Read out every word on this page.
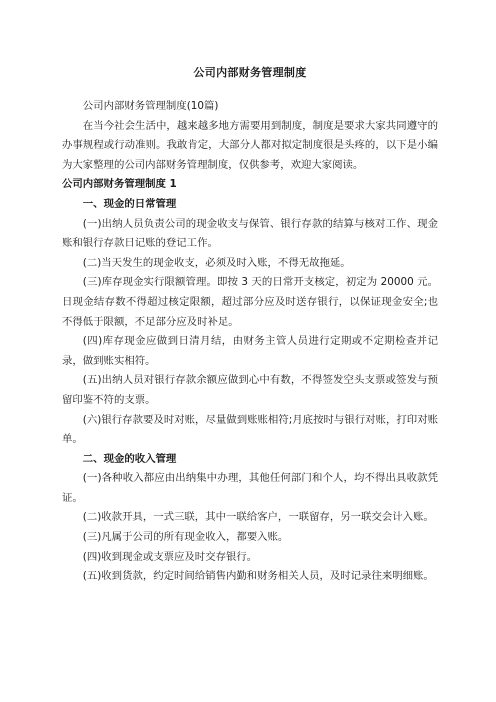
公司内部财务管理制度

公司内部财务管理制度(10篇)

在当今社会生活中，越来越多地方需要用到制度，制度是要求大家共同遵守的办事规程或行动准则。我敢肯定，大部分人都对拟定制度很是头疼的，以下是小编为大家整理的公司内部财务管理制度，仅供参考，欢迎大家阅读。

公司内部财务管理制度 1

一、现金的日常管理

(一)出纳人员负责公司的现金收支与保管、银行存款的结算与核对工作、现金账和银行存款日记账的登记工作。

(二)当天发生的现金收支，必须及时入账，不得无故拖延。

(三)库存现金实行限额管理。即按 3 天的日常开支核定，初定为 20000 元。日现金结存数不得超过核定限额，超过部分应及时送存银行，以保证现金安全;也不得低于限额，不足部分应及时补足。

(四)库存现金应做到日清月结，由财务主管人员进行定期或不定期检查并记录，做到账实相符。

(五)出纳人员对银行存款余额应做到心中有数，不得签发空头支票或签发与预留印鉴不符的支票。

(六)银行存款要及时对账，尽量做到账账相符;月底按时与银行对账，打印对账单。

二、现金的收入管理

(一)各种收入都应由出纳集中办理，其他任何部门和个人，均不得出具收款凭证。

(二)收款开具，一式三联，其中一联给客户，一联留存，另一联交会计入账。

(三)凡属于公司的所有现金收入，都要入账。

(四)收到现金或支票应及时交存银行。

(五)收到货款，约定时间给销售内勤和财务相关人员，及时记录往来明细账。
